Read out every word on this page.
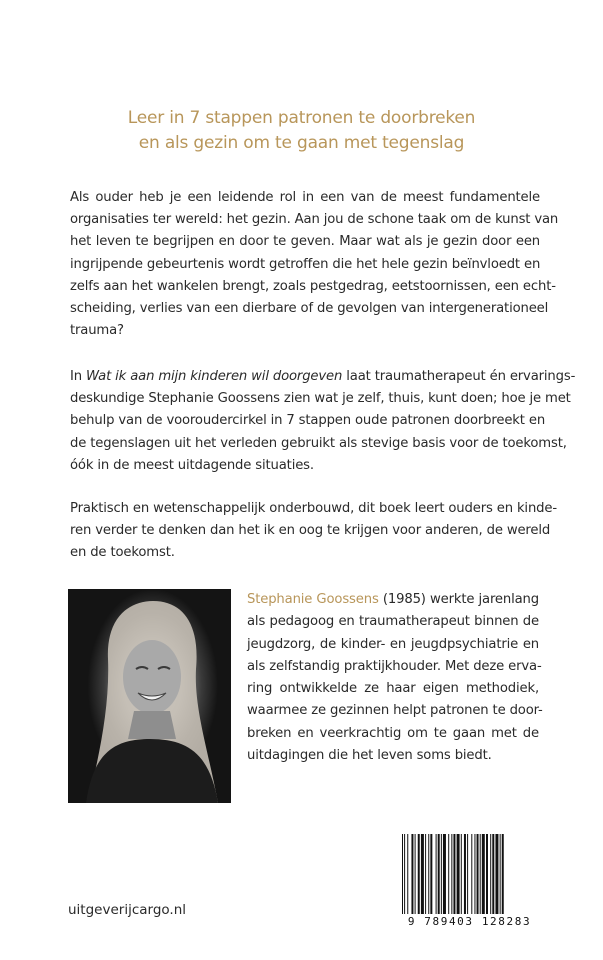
Leer in 7 stappen patronen te doorbreken
en als gezin om te gaan met tegenslag
Als ouder heb je een leidende rol in een van de meest fundamentele
organisaties ter wereld: het gezin. Aan jou de schone taak om de kunst van
het leven te begrijpen en door te geven. Maar wat als je gezin door een
ingrijpende gebeurtenis wordt getroffen die het hele gezin beïnvloedt en
zelfs aan het wankelen brengt, zoals pestgedrag, eetstoornissen, een echt-
scheiding, verlies van een dierbare of de gevolgen van intergenerationeel
trauma?
In Wat ik aan mijn kinderen wil doorgeven laat traumatherapeut én ervarings-
deskundige Stephanie Goossens zien wat je zelf, thuis, kunt doen; hoe je met
behulp van de vooroudercirkel in 7 stappen oude patronen doorbreekt en
de tegenslagen uit het verleden gebruikt als stevige basis voor de toekomst,
óók in de meest uitdagende situaties.
Praktisch en wetenschappelijk onderbouwd, dit boek leert ouders en kinde-
ren verder te denken dan het ik en oog te krijgen voor anderen, de wereld
en de toekomst.
Stephanie Goossens (1985) werkte jarenlang
als pedagoog en traumatherapeut binnen de
jeugdzorg, de kinder- en jeugdpsychiatrie en
als zelfstandig praktijkhouder. Met deze erva-
ring ontwikkelde ze haar eigen methodiek,
waarmee ze gezinnen helpt patronen te door-
breken en veerkrachtig om te gaan met de
uitdagingen die het leven soms biedt.
9 789403 128283
uitgeverijcargo.nl
